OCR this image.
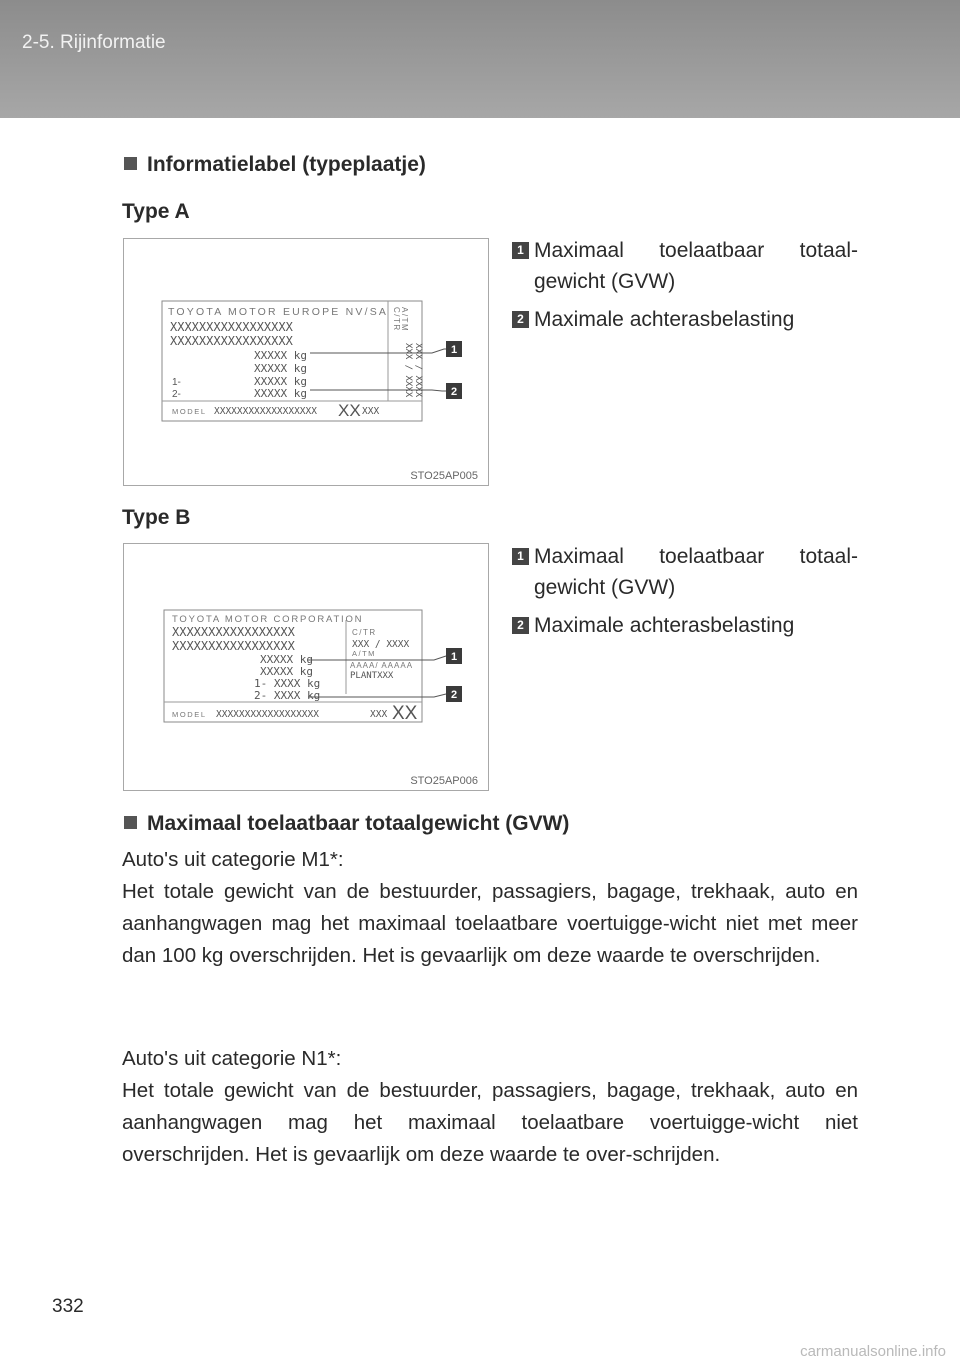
2-5. Rijinformatie
Informatielabel (typeplaatje)
Type A
TOYOTA MOTOR EUROPE NV/SA
XXXXXXXXXXXXXXXXX
XXXXXXXXXXXXXXXXX
XXXXX kg
XXXXX kg
1-	XXXXX kg
2-	XXXXX kg
MODEL XXXXXXXXXXXXXXXXXX XX XXX
C/TR A/TM
XXX / XXXX XXX / XXXX	1
2
STO25AP005
1 Maximaal toelaatbaar totaal-
gewicht (GVW)
2 Maximale achterasbelasting
Type B
TOYOTA MOTOR CORPORATION
XXXXXXXXXXXXXXXXX
XXXXXXXXXXXXXXXXX
XXXXX kg
XXXXX kg
1- XXXX kg
2- XXXX kg
C/TR
XXX / XXXX
A/TM
AAAA/ AAAAA
PLANTXXX
MODEL XXXXXXXXXXXXXXXXXX	XXX XX
1
2
STO25AP006
1 Maximaal toelaatbaar totaal-
gewicht (GVW)
2 Maximale achterasbelasting
Maximaal toelaatbaar totaalgewicht (GVW)

Auto's uit categorie M1*:

Het totale gewicht van de bestuurder, passagiers, bagage, trekhaak, auto en aanhangwagen mag het maximaal toelaatbare voertuigge-wicht niet met meer dan 100 kg overschrijden. Het is gevaarlijk om deze waarde te overschrijden.

Auto's uit categorie N1*:

Het totale gewicht van de bestuurder, passagiers, bagage, trekhaak, auto en aanhangwagen mag het maximaal toelaatbare voertuigge-wicht niet overschrijden. Het is gevaarlijk om deze waarde te over-schrijden.

332
carmanualsonline.info
